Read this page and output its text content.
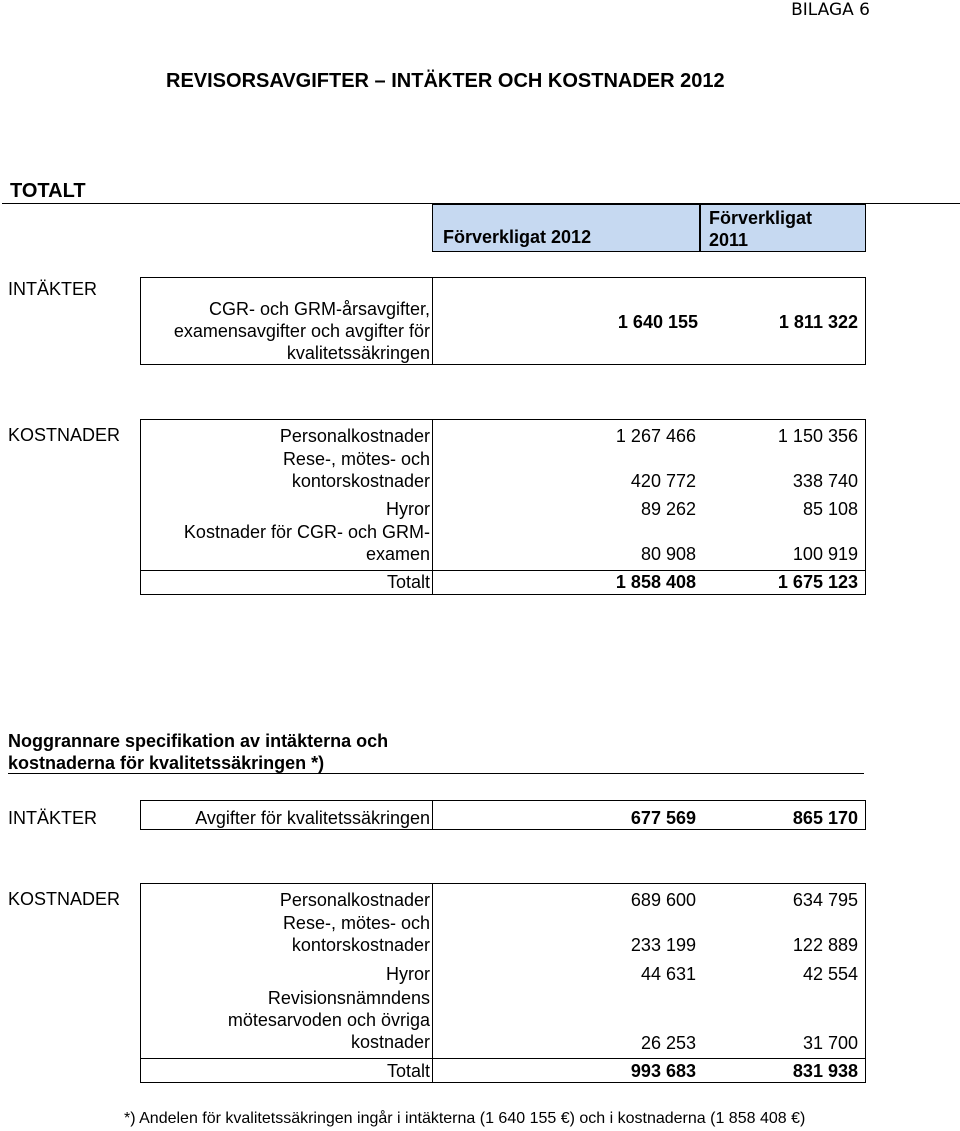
BILAGA 6
REVISORSAVGIFTER – INTÄKTER OCH KOSTNADER 2012
TOTALT
Förverkligat 2012
Förverkligat
2011
INTÄKTER
CGR- och GRM-årsavgifter,
examensavgifter och avgifter för
kvalitetssäkringen
1 640 155	1 811 322
KOSTNADER	Personalkostnader	1 267 466	1 150 356
Rese-, mötes- och
kontorskostnader	420 772	338 740
Hyror	89 262	85 108
Kostnader för CGR- och GRM-
examen	80 908	100 919
Totalt	1 858 408	1 675 123
Noggrannare specifikation av intäkterna och
kostnaderna för kvalitetssäkringen *)
INTÄKTER	Avgifter för kvalitetssäkringen	677 569	865 170
KOSTNADER	Personalkostnader	689 600	634 795
Rese-, mötes- och
kontorskostnader	233 199	122 889
Hyror	44 631	42 554
Revisionsnämndens
mötesarvoden och övriga
kostnader	26 253	31 700
Totalt	993 683	831 938
*) Andelen för kvalitetssäkringen ingår i intäkterna (1 640 155 €) och i kostnaderna (1 858 408 €)
